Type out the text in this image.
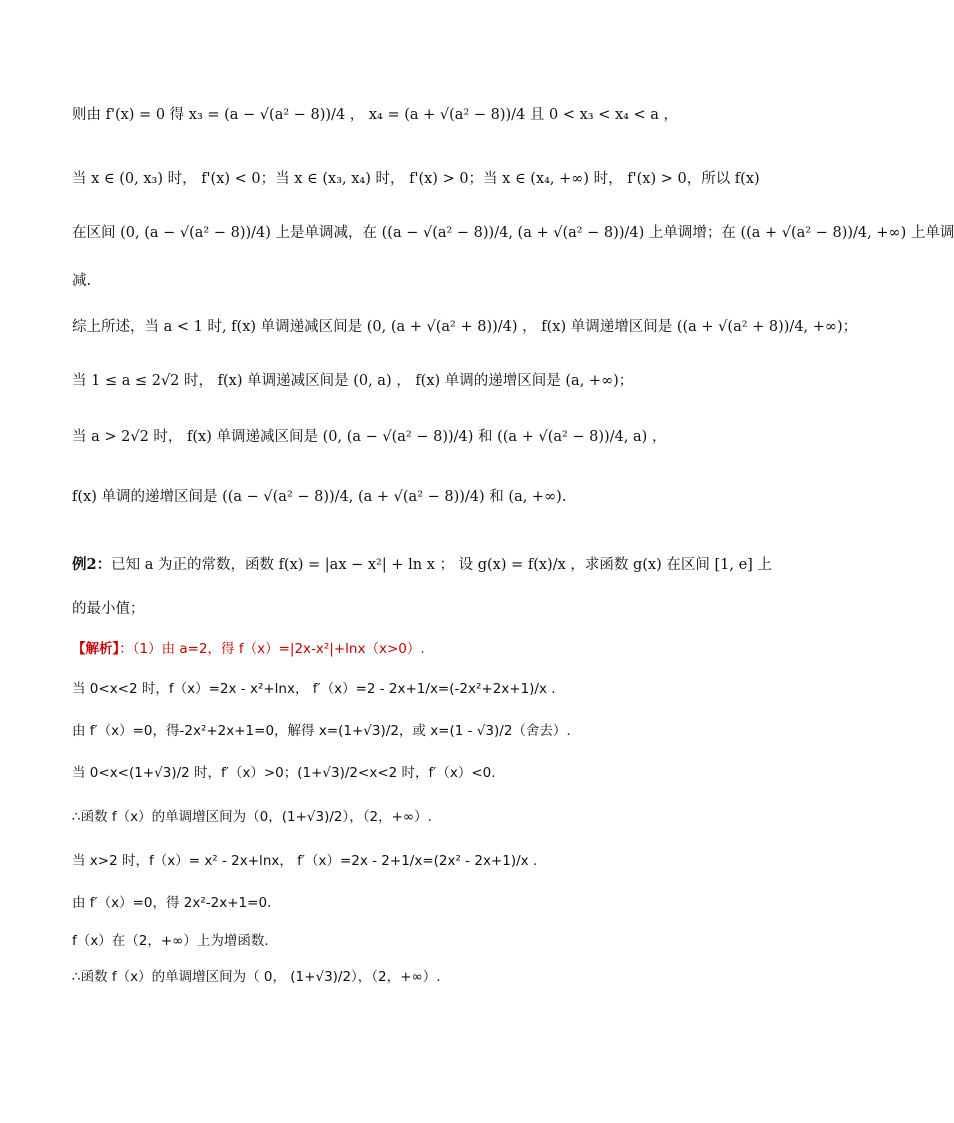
则由 f'(x) = 0 得 x₃ = (a − √(a² − 8))/4 ， x₄ = (a + √(a² − 8))/4 且 0 < x₃ < x₄ < a ，
当 x ∈ (0, x₃) 时， f'(x) < 0；当 x ∈ (x₃, x₄) 时， f'(x) > 0；当 x ∈ (x₄, +∞) 时， f'(x) > 0，所以 f(x)
在区间 (0, (a − √(a² − 8))/4) 上是单调减，在 ((a − √(a² − 8))/4, (a + √(a² − 8))/4) 上单调增；在 ((a + √(a² − 8))/4, +∞) 上单调
减.
综上所述，当 a < 1 时, f(x) 单调递减区间是 (0, (a + √(a² + 8))/4) ， f(x) 单调递增区间是 ((a + √(a² + 8))/4, +∞)；
当 1 ≤ a ≤ 2√2 时， f(x) 单调递减区间是 (0, a) ， f(x) 单调的递增区间是 (a, +∞)；
当 a > 2√2 时， f(x) 单调递减区间是 (0, (a − √(a² − 8))/4) 和 ((a + √(a² − 8))/4, a) ，
f(x) 单调的递增区间是 ((a − √(a² − 8))/4, (a + √(a² − 8))/4) 和 (a, +∞).
例2：已知 a 为正的常数，函数 f(x) = |ax − x²| + ln x ； 设 g(x) = f(x)/x ，求函数 g(x) 在区间 [1, e] 上
的最小值；
【解析】：（1）由 a=2，得 f（x）=|2x-x²|+lnx（x>0）.
当 0<x<2 时，f（x）=2x - x²+lnx， f′（x）=2 - 2x+1/x=(-2x²+2x+1)/x .
由 f′（x）=0，得-2x²+2x+1=0，解得 x=(1+√3)/2，或 x=(1 - √3)/2（舍去）.
当 0<x<(1+√3)/2 时，f′（x）>0；(1+√3)/2<x<2 时，f′（x）<0.
∴函数 f（x）的单调增区间为（0，(1+√3)/2），（2，+∞）.
当 x>2 时，f（x）= x² - 2x+lnx， f′（x）=2x - 2+1/x=(2x² - 2x+1)/x .
由 f′（x）=0，得 2x²-2x+1=0.
f（x）在（2，+∞）上为增函数.
∴函数 f（x）的单调增区间为（ 0， (1+√3)/2），（2，+∞）.
